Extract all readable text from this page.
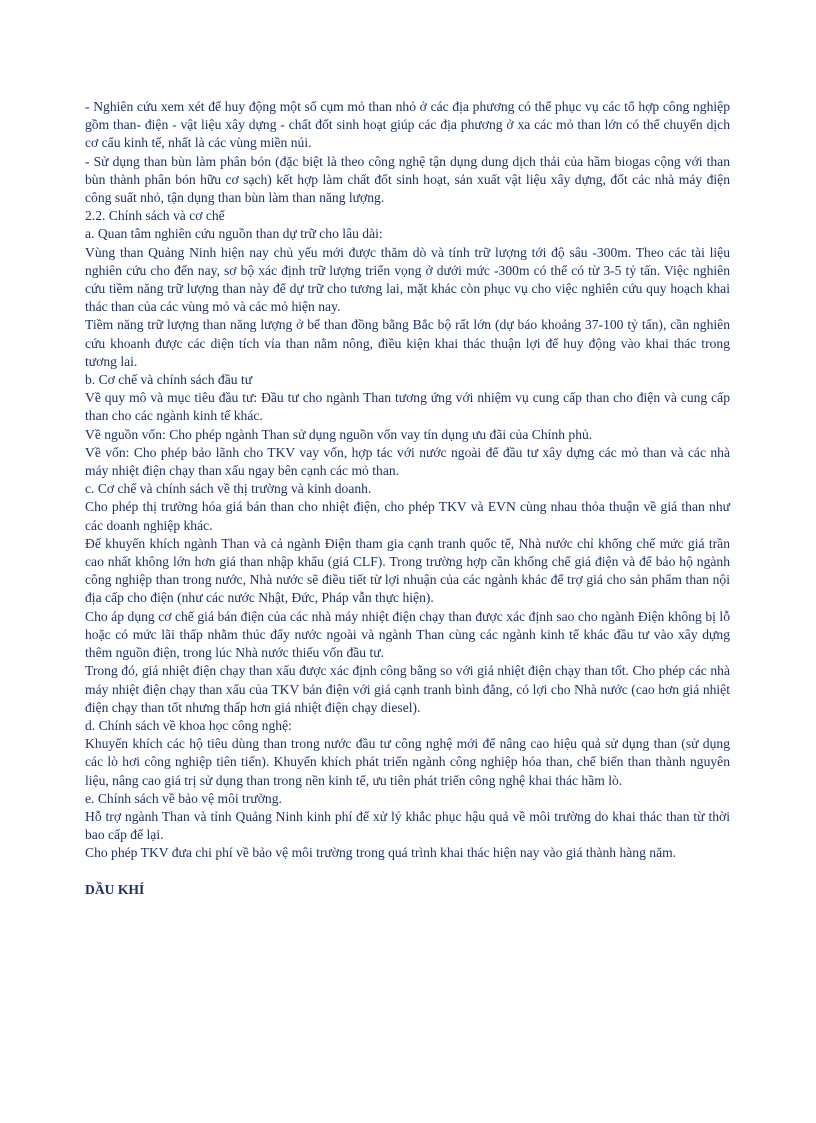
- Nghiên cứu xem xét để huy động một số cụm mỏ than nhỏ ở các địa phương có thể phục vụ các tổ hợp công nghiệp gồm than- điện - vật liệu xây dựng - chất đốt sinh hoạt giúp các địa phương ở xa các mỏ than lớn có thể chuyển dịch cơ cấu kinh tế, nhất là các vùng miền núi.

- Sử dụng than bùn làm phân bón (đặc biệt là theo công nghệ tận dụng dung dịch thải của hầm biogas cộng với than bùn thành phân bón hữu cơ sạch) kết hợp làm chất đốt sinh hoạt, sản xuất vật liệu xây dựng, đốt các nhà máy điện công suất nhỏ, tận dụng than bùn làm than năng lượng.

2.2. Chính sách và cơ chế

a. Quan tâm nghiên cứu nguồn than dự trữ cho lâu dài:

Vùng than Quảng Ninh hiện nay chủ yếu mới được thăm dò và tính trữ lượng tới độ sâu -300m. Theo các tài liệu nghiên cứu cho đến nay, sơ bộ xác định trữ lượng triển vọng ở dưới mức -300m có thể có từ 3-5 tỷ tấn. Việc nghiên cứu tiềm năng trữ lượng than này để dự trữ cho tương lai, mặt khác còn phục vụ cho việc nghiên cứu quy hoạch khai thác than của các vùng mỏ và các mỏ hiện nay.

Tiềm năng trữ lượng than năng lượng ở bể than đồng bằng Bắc bộ rất lớn (dự báo khoảng 37-100 tỷ tấn), cần nghiên cứu khoanh được các diện tích vỉa than nằm nông, điều kiện khai thác thuận lợi để huy động vào khai thác trong tương lai.

b. Cơ chế và chính sách đầu tư

Về quy mô và mục tiêu đầu tư: Đầu tư cho ngành Than tương ứng với nhiệm vụ cung cấp than cho điện và cung cấp than cho các ngành kinh tế khác.

Về nguồn vốn: Cho phép ngành Than sử dụng nguồn vốn vay tín dụng ưu đãi của Chính phủ.

Về vốn: Cho phép bảo lãnh cho TKV vay vốn, hợp tác với nước ngoài để đầu tư xây dựng các mỏ than và các nhà máy nhiệt điện chạy than xấu ngay bên cạnh các mỏ than.

c. Cơ chế và chính sách về thị trường và kinh doanh.

Cho phép thị trường hóa giá bán than cho nhiệt điện, cho phép TKV và EVN cùng nhau thỏa thuận về giá than như các doanh nghiệp khác.

Để khuyến khích ngành Than và cả ngành Điện tham gia cạnh tranh quốc tế, Nhà nước chỉ khống chế mức giá trần cao nhất không lớn hơn giá than nhập khẩu (giá CLF). Trong trường hợp cần khống chế giá điện và để bảo hộ ngành công nghiệp than trong nước, Nhà nước sẽ điều tiết từ lợi nhuận của các ngành khác để trợ giá cho sản phẩm than nội địa cấp cho điện (như các nước Nhật, Đức, Pháp vẫn thực hiện).

Cho áp dụng cơ chế giá bán điện của các nhà máy nhiệt điện chạy than được xác định sao cho ngành Điện không bị lỗ hoặc có mức lãi thấp nhằm thúc đẩy nước ngoài và ngành Than cùng các ngành kinh tế khác đầu tư vào xây dựng thêm nguồn điện, trong lúc Nhà nước thiếu vốn đầu tư.

Trong đó, giá nhiệt điện chạy than xấu được xác định công bằng so với giá nhiệt điện chạy than tốt. Cho phép các nhà máy nhiệt điện chạy than xấu của TKV bán điện với giá cạnh tranh bình đẳng, có lợi cho Nhà nước (cao hơn giá nhiệt điện chạy than tốt nhưng thấp hơn giá nhiệt điện chạy diesel).

d. Chính sách về khoa học công nghệ:

Khuyến khích các hộ tiêu dùng than trong nước đầu tư công nghệ mới để nâng cao hiệu quả sử dụng than (sử dụng các lò hơi công nghiệp tiên tiến). Khuyến khích phát triển ngành công nghiệp hóa than, chế biến than thành nguyên liệu, nâng cao giá trị sử dụng than trong nền kinh tế, ưu tiên phát triển công nghệ khai thác hầm lò.

e. Chính sách về bảo vệ môi trường.

Hỗ trợ ngành Than và tỉnh Quảng Ninh kinh phí để xử lý khắc phục hậu quả về môi trường do khai thác than từ thời bao cấp để lại.

Cho phép TKV đưa chi phí về bảo vệ môi trường trong quá trình khai thác hiện nay vào giá thành hàng năm.

DẦU KHÍ
